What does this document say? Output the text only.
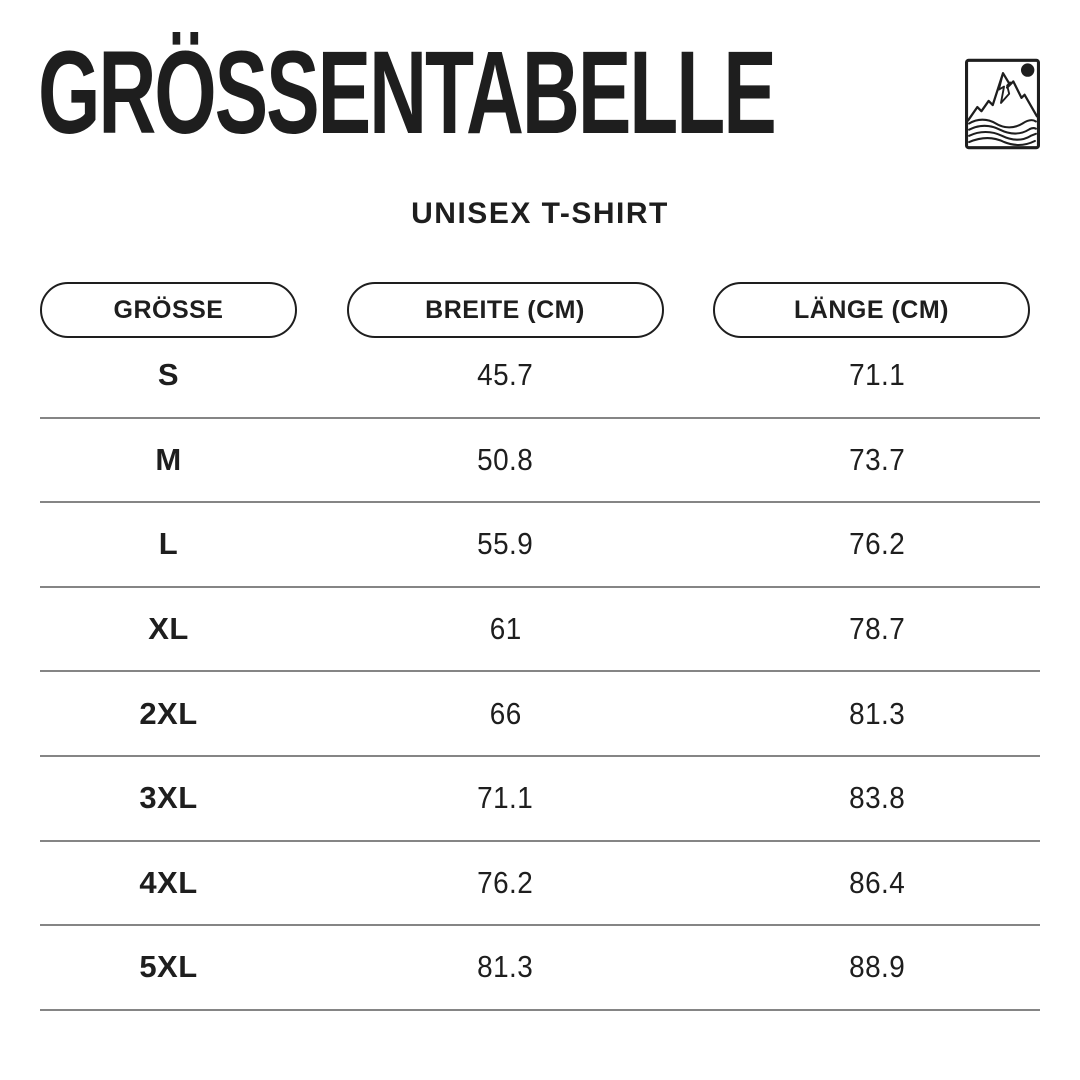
GRÖSSENTABELLE
UNISEX T-SHIRT
GRÖSSE	BREITE (CM)	LÄNGE (CM)
S	45.7	71.1
M	50.8	73.7
L	55.9	76.2
XL	61	78.7
2XL	66	81.3
3XL	71.1	83.8
4XL	76.2	86.4
5XL	81.3	88.9
